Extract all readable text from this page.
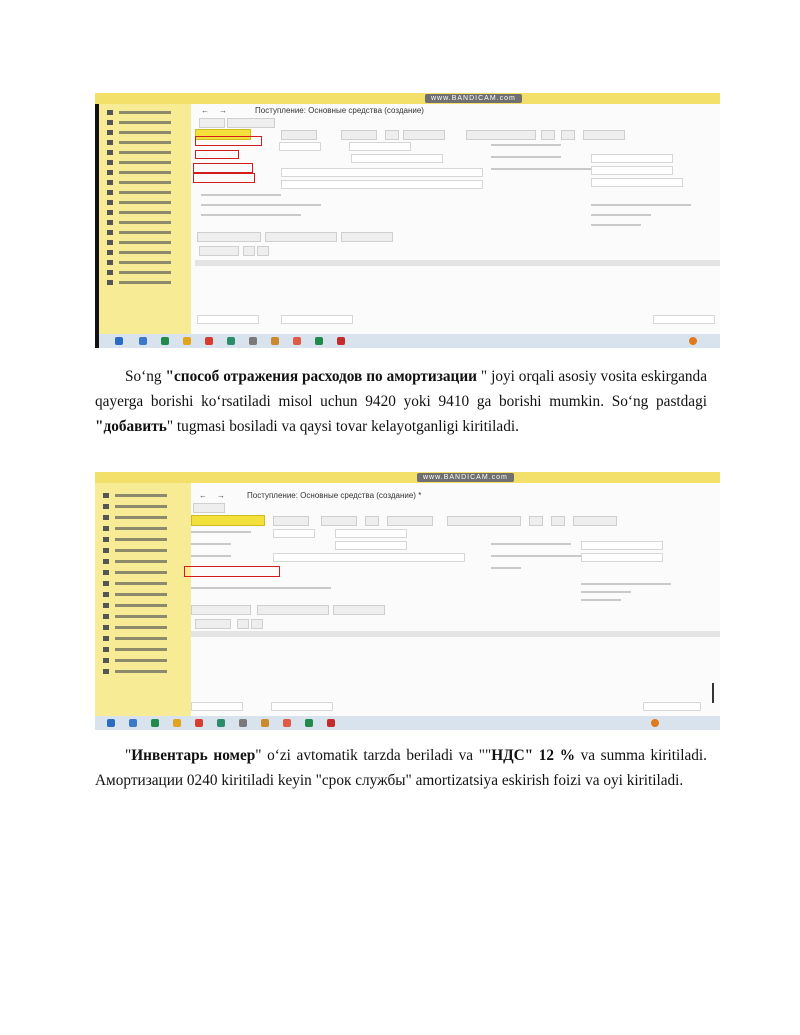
www.BANDICAM.com
← →	Поступление: Основные средства (создание)

So‘ng "способ отражения расходов по амортизации " joyi orqali asosiy vosita eskirganda qayerga borishi ko‘rsatiladi misol uchun 9420 yoki 9410 ga borishi mumkin. So‘ng pastdagi "добавить" tugmasi bosiladi va qaysi tovar kelayotganligi kiritiladi.

www.BANDICAM.com
← →	Поступление: Основные средства (создание) *

"Инвентарь номер" o‘zi avtomatik tarzda beriladi va ""НДС" 12 % va summa kiritiladi. Амортизации 0240 kiritiladi keyin "срок службы" amortizatsiya eskirish foizi va oyi kiritiladi.
